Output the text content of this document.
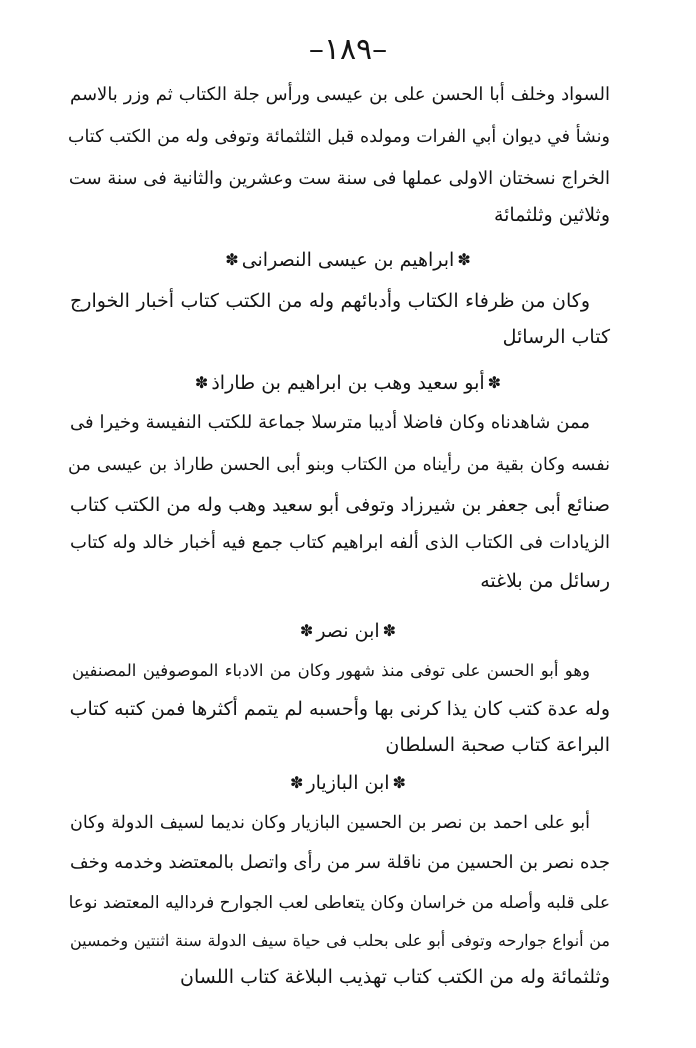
–١٨٩–
السواد وخلف أبا الحسن على بن عيسى ورأس جلة الكتاب ثم وزر بالاسم
ونشأ في ديوان أبي الفرات ومولده قبل الثلثمائة وتوفى وله من الكتب كتاب
الخراج نسختان الاولى عملها فى سنة ست وعشرين والثانية فى سنة ست
وثلاثين وثلثمائة
✽ابراهيم بن عيسى النصرانى✽
وكان من ظرفاء الكتاب وأدبائهم وله من الكتب كتاب أخبار الخوارج
كتاب الرسائل
✽أبو سعيد وهب بن ابراهيم بن طاراذ✽
ممن شاهدناه وكان فاضلا أديبا مترسلا جماعة للكتب النفيسة وخيرا فى
نفسه وكان بقية من رأيناه من الكتاب وبنو أبى الحسن طاراذ بن عيسى من
صنائع أبى جعفر بن شيرزاد وتوفى أبو سعيد وهب وله من الكتب كتاب
الزيادات فى الكتاب الذى ألفه ابراهيم كتاب جمع فيه أخبار خالد وله كتاب
رسائل من بلاغته
✽ابن نصر✽
وهو أبو الحسن على توفى منذ شهور وكان من الادباء الموصوفين المصنفين
وله عدة كتب كان يذا كرنى بها وأحسبه لم يتمم أكثرها فمن كتبه كتاب
البراعة كتاب صحبة السلطان
✽ابن البازيار✽
أبو على احمد بن نصر بن الحسين البازيار وكان نديما لسيف الدولة وكان
جده نصر بن الحسين من ناقلة سر من رأى واتصل بالمعتضد وخدمه وخف
على قلبه وأصله من خراسان وكان يتعاطى لعب الجوارح فرداليه المعتضد نوعا
من أنواع جوارحه وتوفى أبو على بحلب فى حياة سيف الدولة سنة اثنتين وخمسين
وثلثمائة وله من الكتب كتاب تهذيب البلاغة كتاب اللسان
